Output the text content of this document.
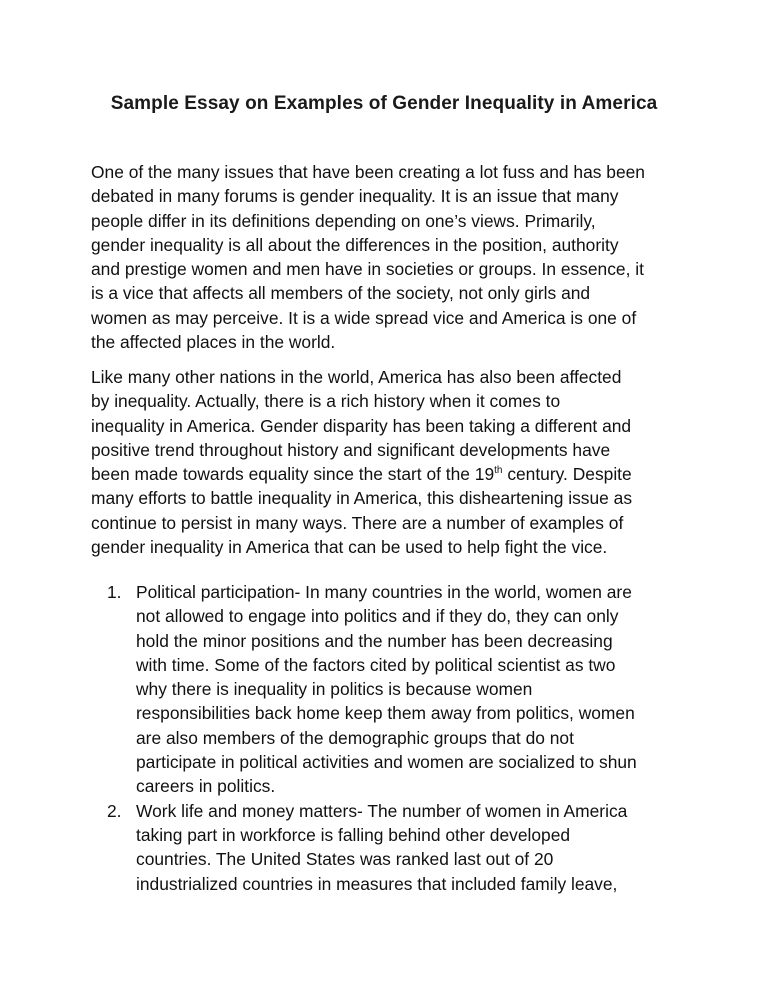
Sample Essay on Examples of Gender Inequality in America
One of the many issues that have been creating a lot fuss and has been
debated in many forums is gender inequality. It is an issue that many
people differ in its definitions depending on one’s views. Primarily,
gender inequality is all about the differences in the position, authority
and prestige women and men have in societies or groups. In essence, it
is a vice that affects all members of the society, not only girls and
women as may perceive. It is a wide spread vice and America is one of
the affected places in the world.
Like many other nations in the world, America has also been affected
by inequality. Actually, there is a rich history when it comes to
inequality in America. Gender disparity has been taking a different and
positive trend throughout history and significant developments have
been made towards equality since the start of the 19th century. Despite
many efforts to battle inequality in America, this disheartening issue as
continue to persist in many ways. There are a number of examples of
gender inequality in America that can be used to help fight the vice.
1. Political participation- In many countries in the world, women are
not allowed to engage into politics and if they do, they can only
hold the minor positions and the number has been decreasing
with time. Some of the factors cited by political scientist as two
why there is inequality in politics is because women
responsibilities back home keep them away from politics, women
are also members of the demographic groups that do not
participate in political activities and women are socialized to shun
careers in politics.
2. Work life and money matters- The number of women in America
taking part in workforce is falling behind other developed
countries. The United States was ranked last out of 20
industrialized countries in measures that included family leave,
